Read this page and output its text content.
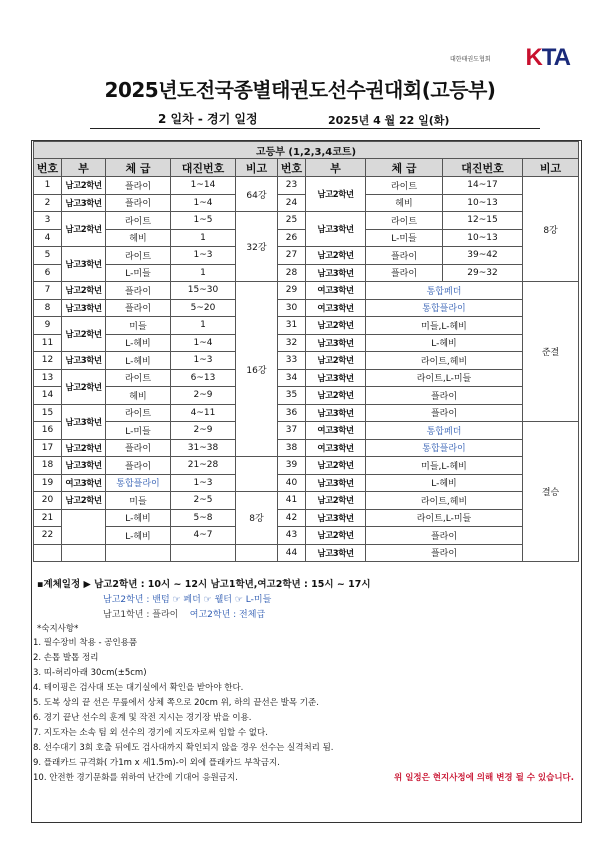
대한태권도협회 KTA
2025년도전국종별태권도선수권대회(고등부)
2 일차 - 경기 일정	2025년 4 월 22 일(화)
고등부 (1,2,3,4코트)									
번호	부	체 급	대진번호	비고	번호	부	체 급	대진번호	비고
1	남고2학년	플라이	1~14	64강	23	남고2학년	라이트	14~17	8강
2	남고3학년	플라이	1~4		24		헤비	10~13	
3	남고2학년	라이트	1~5	32강	25	남고3학년	라이트	12~15	
4		헤비	1		26		L-미들	10~13	
5	남고3학년	라이트	1~3		27	남고2학년	플라이	39~42	
6		L-미들	1		28	남고3학년	플라이	29~32	
7	남고2학년	플라이	15~30	16강	29	여고3학년	통합페더		준결
8	남고3학년	플라이	5~20		30	여고3학년	통합플라이		
9	남고2학년	미들	1		31	남고2학년	미들,L-헤비		
11		L-헤비	1~4		32	남고3학년	L-헤비		
12	남고3학년	L-헤비	1~3		33	남고2학년	라이트,헤비		
13	남고2학년	라이트	6~13		34	남고3학년	라이트,L-미들		
14		헤비	2~9		35	남고2학년	플라이		
15	남고3학년	라이트	4~11		36	남고3학년	플라이		
16		L-미들	2~9		37	여고3학년	통합페더		결승
17	남고2학년	플라이	31~38		38	여고3학년	통합플라이		
18	남고3학년	플라이	21~28		39	남고2학년	미들,L-헤비		
19	여고3학년	통합플라이	1~3		40	남고3학년	L-헤비		
20	남고2학년	미들	2~5	8강	41	남고2학년	라이트,헤비		
21		L-헤비	5~8		42	남고3학년	라이트,L-미들		
22		L-헤비	4~7		43	남고2학년	플라이		
					44	남고3학년	플라이		
▪계체일정 ▶ 남고2학년 : 10시 ~ 12시 남고1학년,여고2학년 : 15시 ~ 17시
남고2학년 : 밴텀 ☞ 페더 ☞ 웰터 ☞ L-미들
남고1학년 : 플라이 여고2학년 : 전체급
*숙지사항*
1. 필수장비 착용 - 공인용품
2. 손톱 발톱 정리
3. 띠-허리아래 30cm(±5cm)
4. 테이핑은 검사대 또는 대기실에서 확인을 받아야 한다.
5. 도복 상의 끝 선은 무릎에서 상체 쪽으로 20cm 위, 하의 끝선은 발목 기준.
6. 경기 끝난 선수의 훈계 및 작전 지시는 경기장 밖을 이용.
7. 지도자는 소속 팀 외 선수의 경기에 지도자로써 임할 수 없다.
8. 선수대기 3회 호출 뒤에도 검사대까지 확인되지 않을 경우 선수는 실격처리 됨.
9. 플래카드 규격화( 가1m x 세1.5m)-이 외에 플래카드 부착금지.
10. 안전한 경기문화를 위하여 난간에 기대어 응원금지.	위 일정은 현지사정에 의해 변경 될 수 있습니다.
